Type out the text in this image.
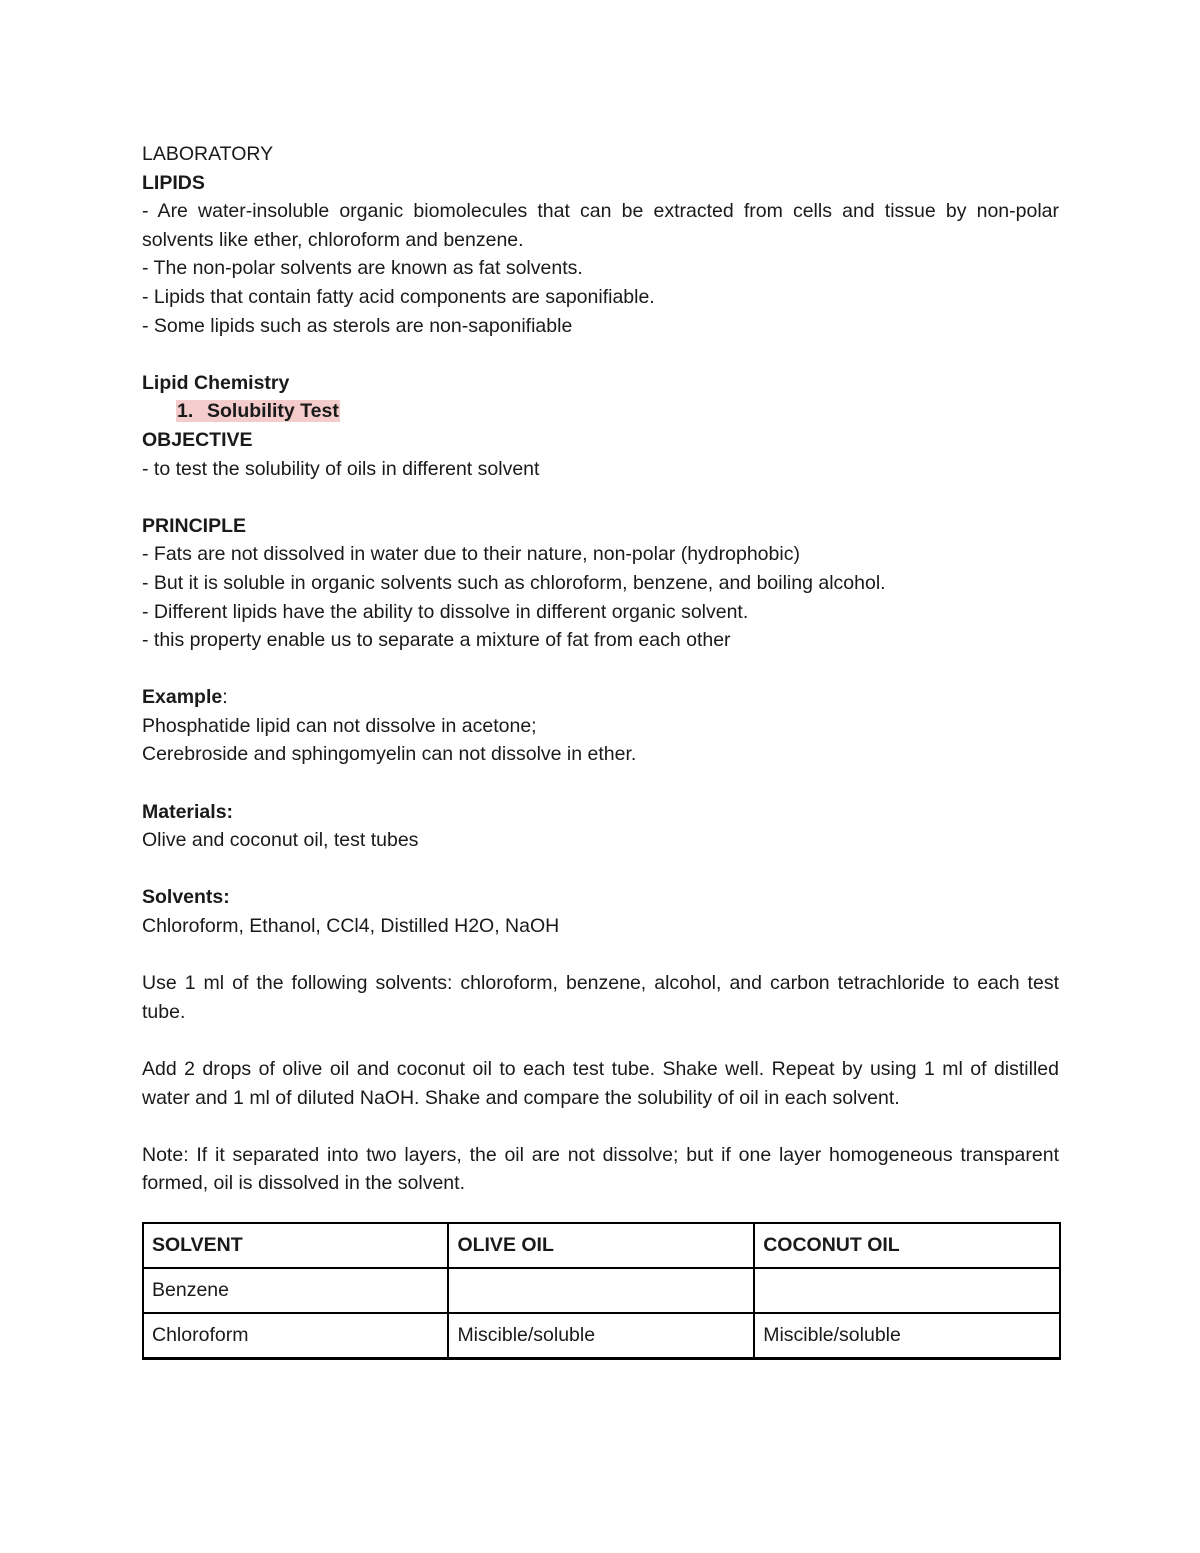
LABORATORY

LIPIDS

- Are water-insoluble organic biomolecules that can be extracted from cells and tissue by non-polar solvents like ether, chloroform and benzene.

- The non-polar solvents are known as fat solvents.

- Lipids that contain fatty acid components are saponifiable.

- Some lipids such as sterols are non-saponifiable

Lipid Chemistry

1. Solubility Test

OBJECTIVE

- to test the solubility of oils in different solvent

PRINCIPLE

- Fats are not dissolved in water due to their nature, non-polar (hydrophobic)

- But it is soluble in organic solvents such as chloroform, benzene, and boiling alcohol.

- Different lipids have the ability to dissolve in different organic solvent.

- this property enable us to separate a mixture of fat from each other

Example:

Phosphatide lipid can not dissolve in acetone;

Cerebroside and sphingomyelin can not dissolve in ether.

Materials:

Olive and coconut oil, test tubes

Solvents:

Chloroform, Ethanol, CCl4, Distilled H2O, NaOH

Use 1 ml of the following solvents: chloroform, benzene, alcohol, and carbon tetrachloride to each test tube.

Add 2 drops of olive oil and coconut oil to each test tube. Shake well. Repeat by using 1 ml of distilled water and 1 ml of diluted NaOH. Shake and compare the solubility of oil in each solvent.

Note: If it separated into two layers, the oil are not dissolve; but if one layer homogeneous transparent formed, oil is dissolved in the solvent.

SOLVENT	OLIVE OIL	COCONUT OIL
Benzene		
Chloroform	Miscible/soluble	Miscible/soluble
